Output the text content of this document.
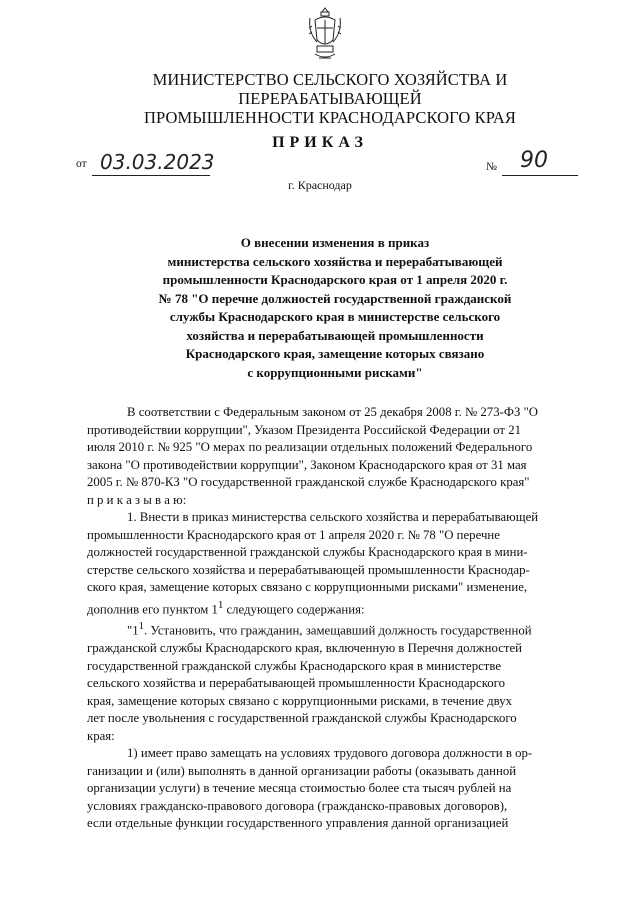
МИНИСТЕРСТВО СЕЛЬСКОГО ХОЗЯЙСТВА И ПЕРЕРАБАТЫВАЮЩЕЙ
ПРОМЫШЛЕННОСТИ КРАСНОДАРСКОГО КРАЯ
ПРИКАЗ
от 03.03.2023	№ 90
г. Краснодар
О внесении изменения в приказ
министерства сельского хозяйства и перерабатывающей
промышленности Краснодарского края от 1 апреля 2020 г.
№ 78 "О перечне должностей государственной гражданской
службы Краснодарского края в министерстве сельского
хозяйства и перерабатывающей промышленности
Краснодарского края, замещение которых связано
с коррупционными рисками"
В соответствии с Федеральным законом от 25 декабря 2008 г. № 273-ФЗ "О
противодействии коррупции", Указом Президента Российской Федерации от 21
июля 2010 г. № 925 "О мерах по реализации отдельных положений Федерального
закона "О противодействии коррупции", Законом Краснодарского края от 31 мая
2005 г. № 870-КЗ "О государственной гражданской службе Краснодарского края"
п р и к а з ы в а ю:
1. Внести в приказ министерства сельского хозяйства и перерабатывающей
промышленности Краснодарского края от 1 апреля 2020 г. № 78 "О перечне
должностей государственной гражданской службы Краснодарского края в мини-
стерстве сельского хозяйства и перерабатывающей промышленности Краснодар-
ского края, замещение которых связано с коррупционными рисками" изменение,
дополнив его пунктом $1^1$ следующего содержания:
"$1^1$. Установить, что гражданин, замещавший должность государственной
гражданской службы Краснодарского края, включенную в Перечня должностей
государственной гражданской службы Краснодарского края в министерстве
сельского хозяйства и перерабатывающей промышленности Краснодарского
края, замещение которых связано с коррупционными рисками, в течение двух
лет после увольнения с государственной гражданской службы Краснодарского
края:
1) имеет право замещать на условиях трудового договора должности в ор-
ганизации и (или) выполнять в данной организации работы (оказывать данной
организации услуги) в течение месяца стоимостью более ста тысяч рублей на
условиях гражданско-правового договора (гражданско-правовых договоров),
если отдельные функции государственного управления данной организацией
